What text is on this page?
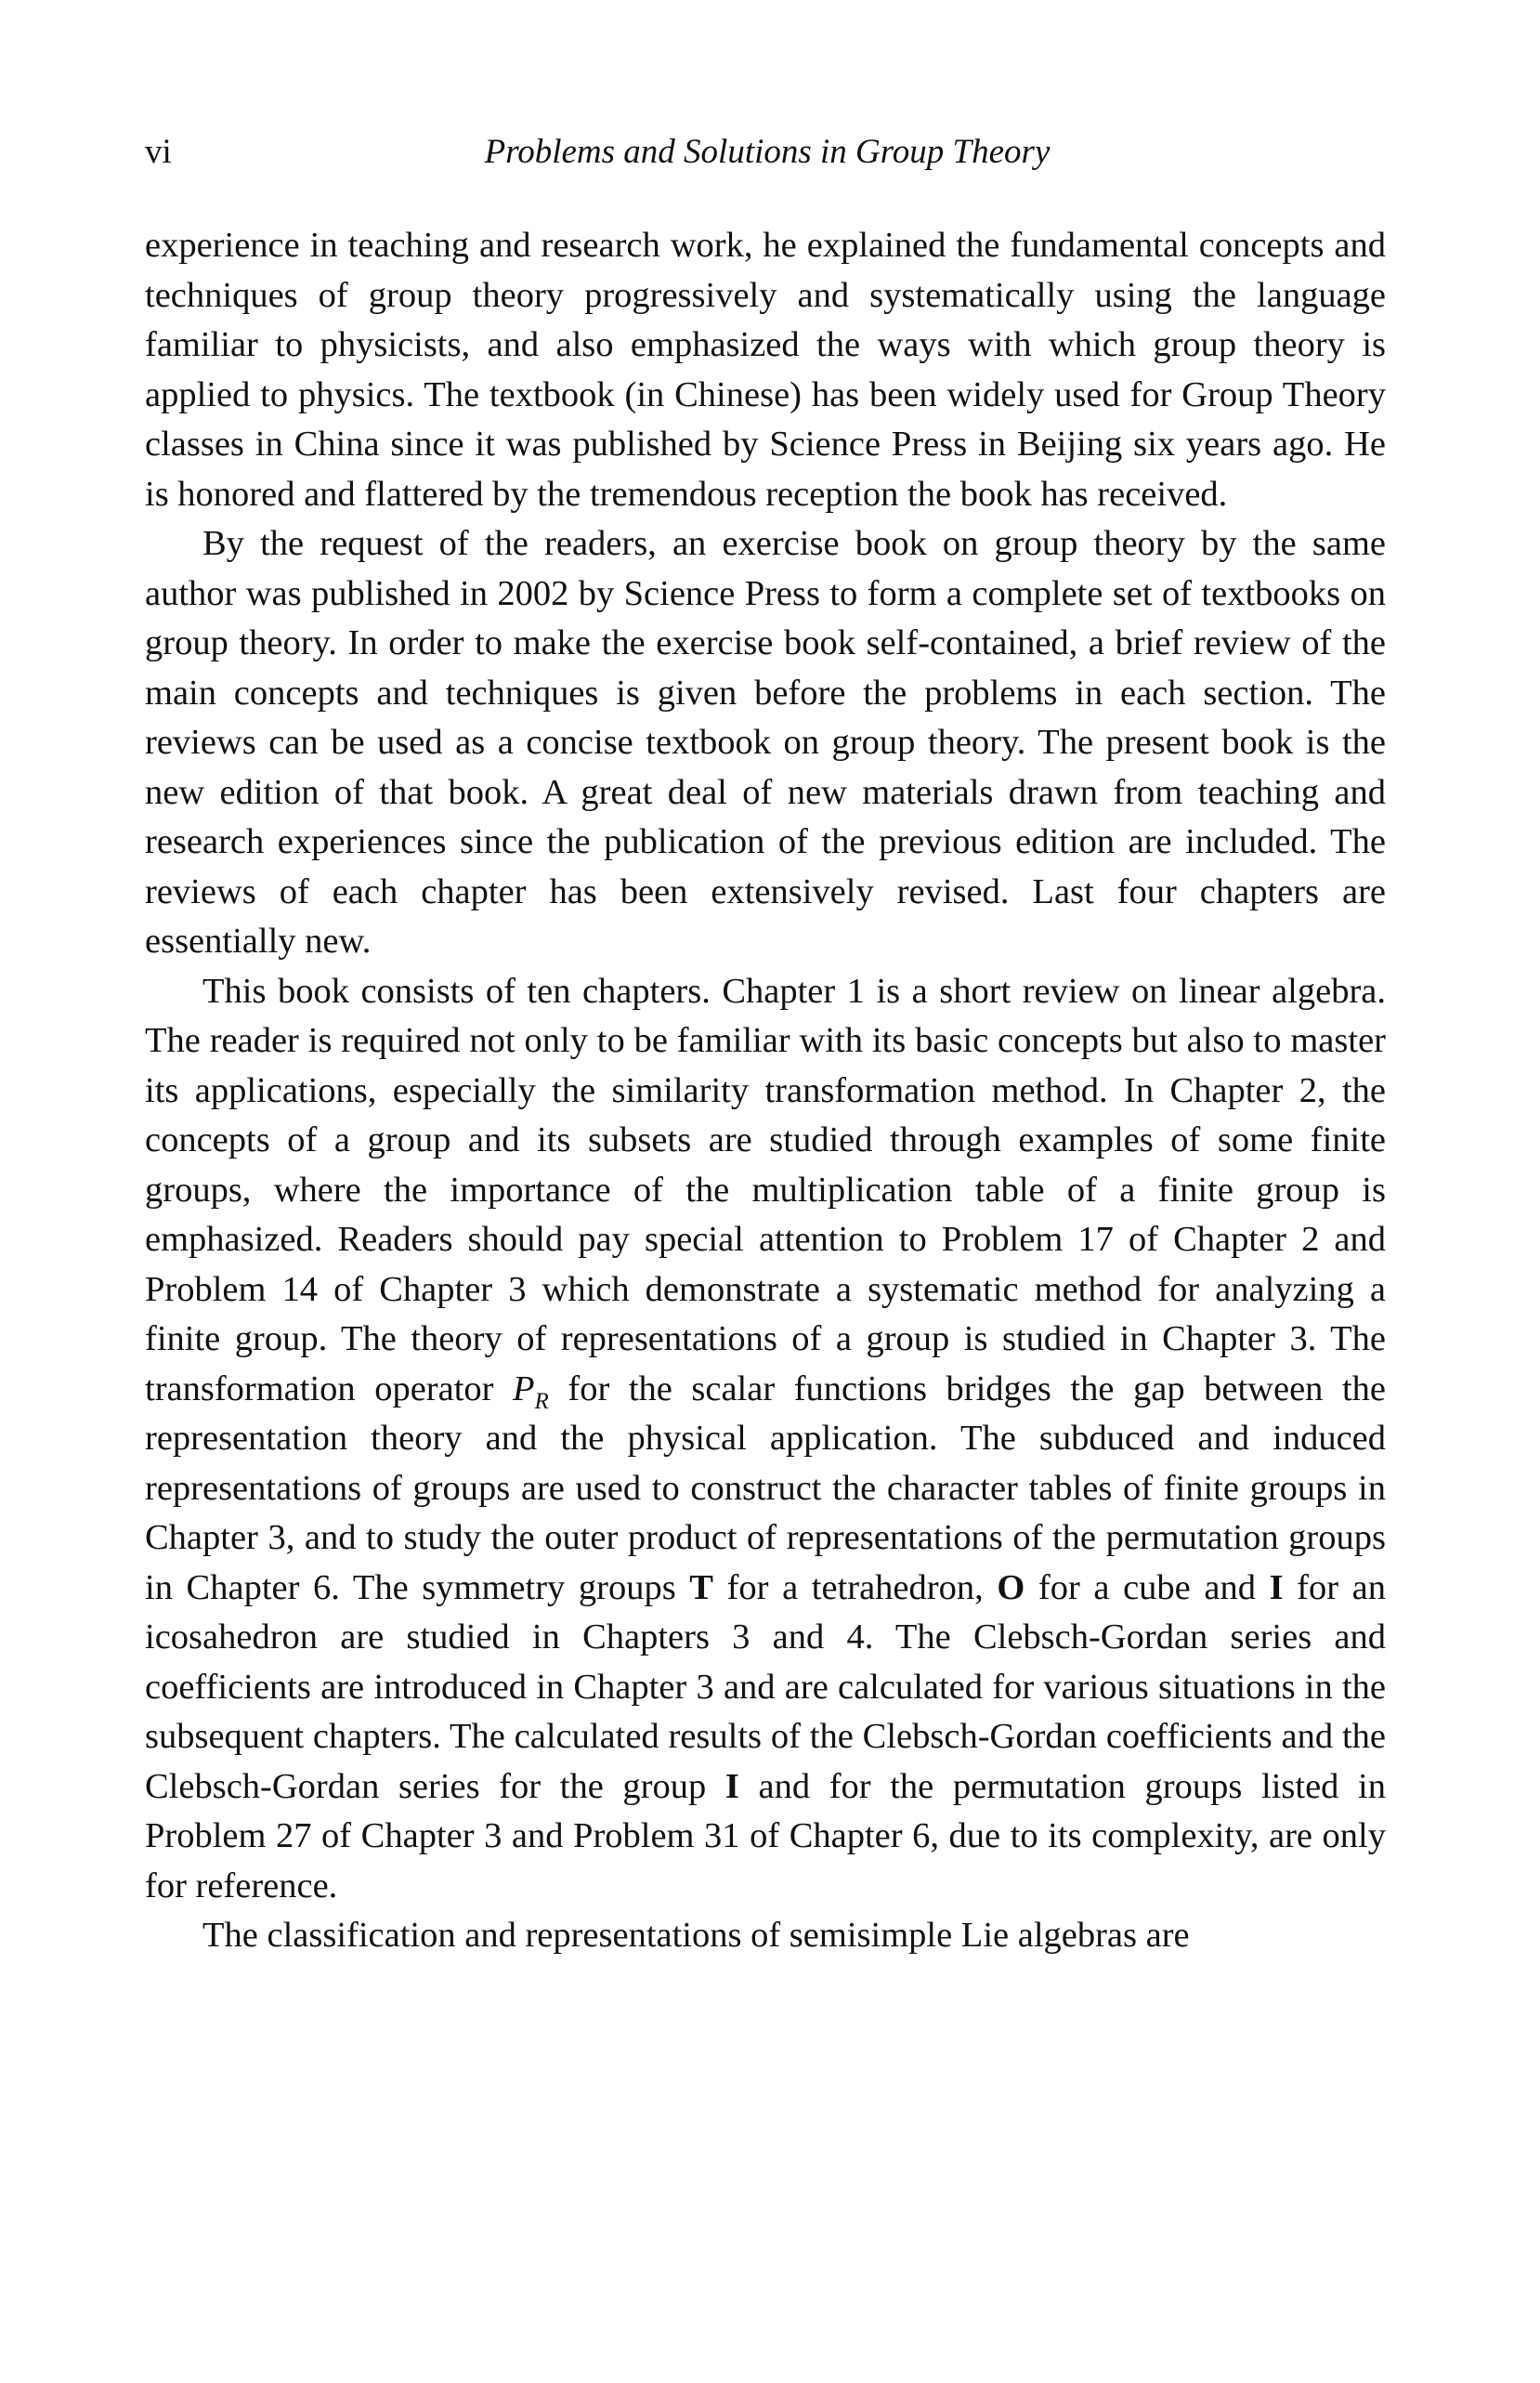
vi	Problems and Solutions in Group Theory

experience in teaching and research work, he explained the fundamental concepts and techniques of group theory progressively and systematically using the language familiar to physicists, and also emphasized the ways with which group theory is applied to physics. The textbook (in Chinese) has been widely used for Group Theory classes in China since it was published by Science Press in Beijing six years ago. He is honored and flattered by the tremendous reception the book has received.

By the request of the readers, an exercise book on group theory by the same author was published in 2002 by Science Press to form a complete set of textbooks on group theory. In order to make the exercise book self-contained, a brief review of the main concepts and techniques is given before the problems in each section. The reviews can be used as a concise textbook on group theory. The present book is the new edition of that book. A great deal of new materials drawn from teaching and research experiences since the publication of the previous edition are included. The reviews of each chapter has been extensively revised. Last four chapters are essentially new.

This book consists of ten chapters. Chapter 1 is a short review on linear algebra. The reader is required not only to be familiar with its basic concepts but also to master its applications, especially the similarity transformation method. In Chapter 2, the concepts of a group and its subsets are studied through examples of some finite groups, where the importance of the multiplication table of a finite group is emphasized. Readers should pay special attention to Problem 17 of Chapter 2 and Problem 14 of Chapter 3 which demonstrate a systematic method for analyzing a finite group. The theory of representations of a group is studied in Chapter 3. The transformation operator $P_R$ for the scalar functions bridges the gap between the representation theory and the physical application. The subduced and induced representations of groups are used to construct the character tables of finite groups in Chapter 3, and to study the outer product of representations of the permutation groups in Chapter 6. The symmetry groups T for a tetrahedron, O for a cube and I for an icosahedron are studied in Chapters 3 and 4. The Clebsch-Gordan series and coefficients are introduced in Chapter 3 and are calculated for various situations in the subsequent chapters. The calculated results of the Clebsch-Gordan coefficients and the Clebsch-Gordan series for the group I and for the permutation groups listed in Problem 27 of Chapter 3 and Problem 31 of Chapter 6, due to its complexity, are only for reference.

The classification and representations of semisimple Lie algebras are
